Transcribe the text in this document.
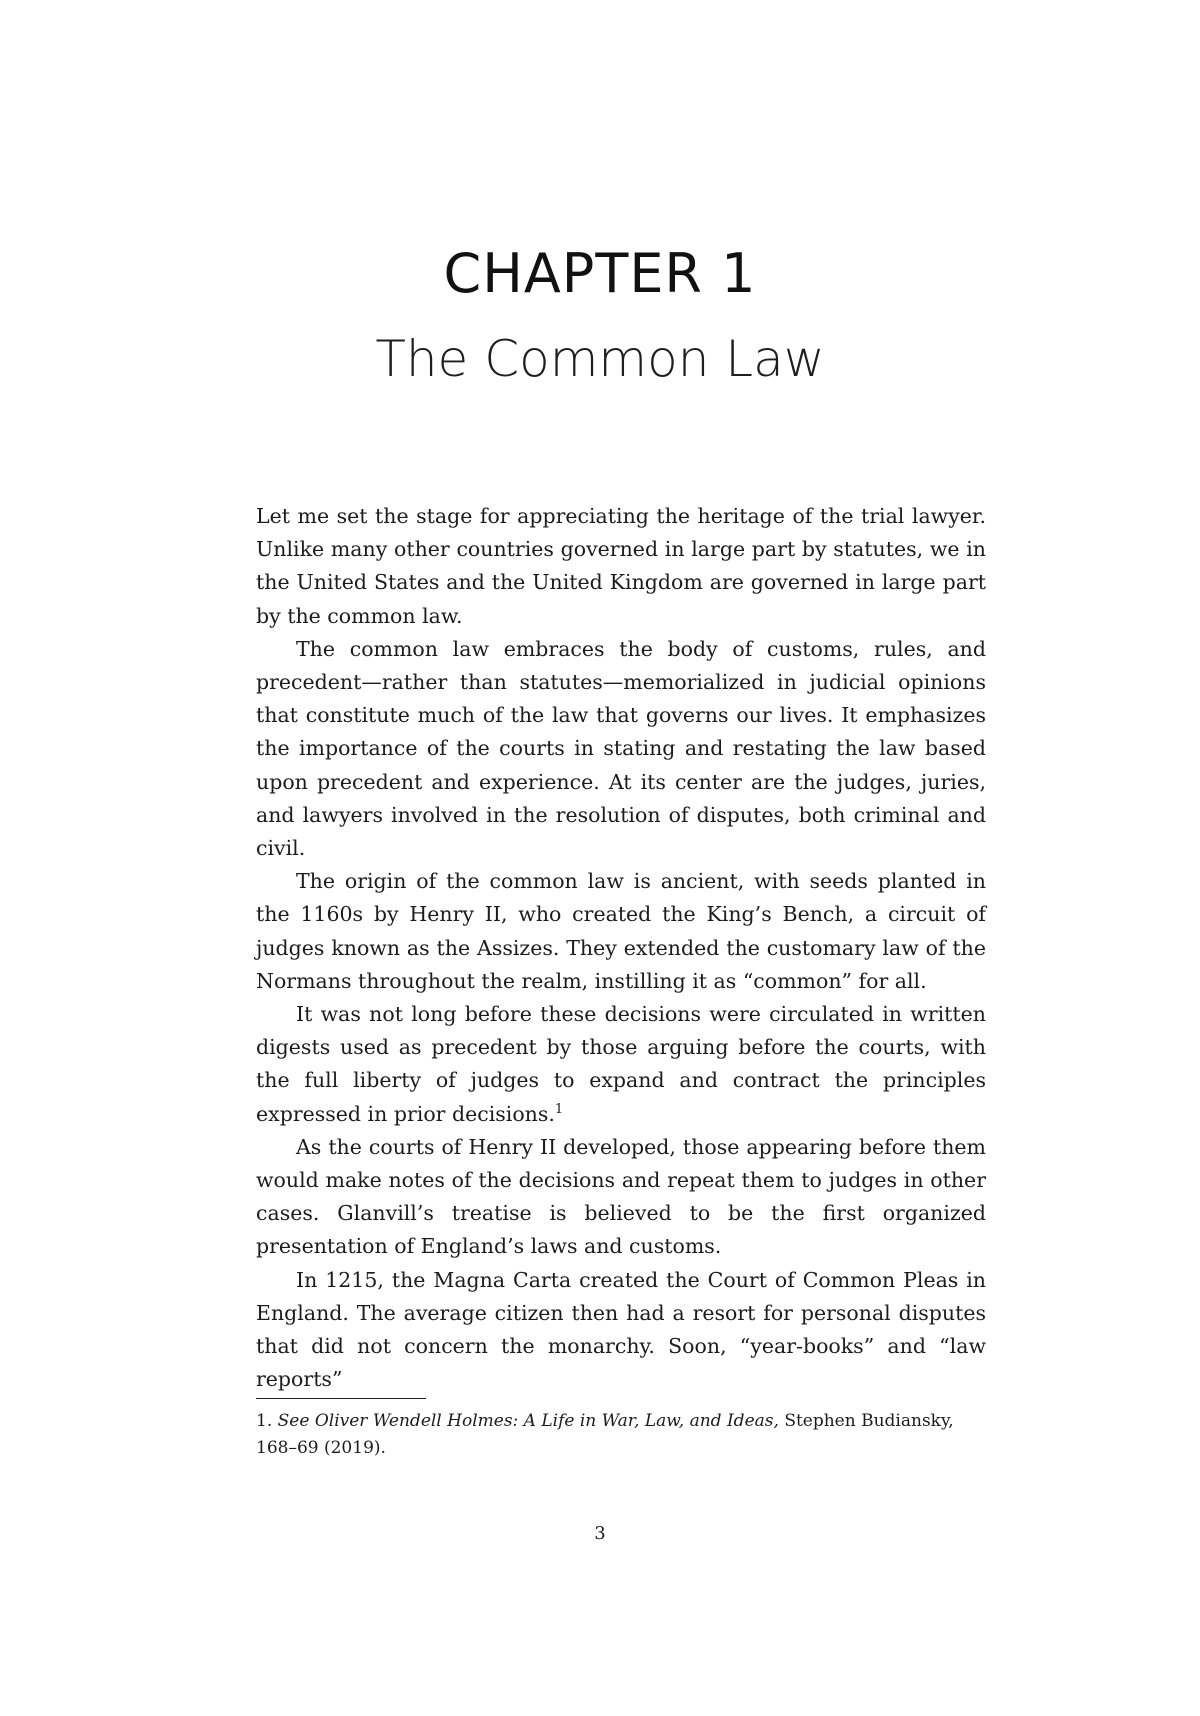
CHAPTER 1
The Common Law

Let me set the stage for appreciating the heritage of the trial lawyer. Unlike many other countries governed in large part by statutes, we in the United States and the United Kingdom are governed in large part by the common law.

The common law embraces the body of customs, rules, and precedent—rather than statutes—memorialized in judicial opinions that constitute much of the law that governs our lives. It emphasizes the importance of the courts in stating and restating the law based upon precedent and experience. At its center are the judges, juries, and lawyers involved in the resolution of disputes, both criminal and civil.

The origin of the common law is ancient, with seeds planted in the 1160s by Henry II, who created the King’s Bench, a circuit of judges known as the Assizes. They extended the customary law of the Normans throughout the realm, instilling it as “common” for all.

It was not long before these decisions were circulated in written digests used as precedent by those arguing before the courts, with the full liberty of judges to expand and contract the principles expressed in prior decisions.$^1$

As the courts of Henry II developed, those appearing before them would make notes of the decisions and repeat them to judges in other cases. Glanvill’s treatise is believed to be the first organized presentation of England’s laws and customs.

In 1215, the Magna Carta created the Court of Common Pleas in England. The average citizen then had a resort for personal disputes that did not concern the monarchy. Soon, “year-books” and “law reports”

1. See Oliver Wendell Holmes: A Life in War, Law, and Ideas, Stephen Budiansky, 168–69 (2019).

3
